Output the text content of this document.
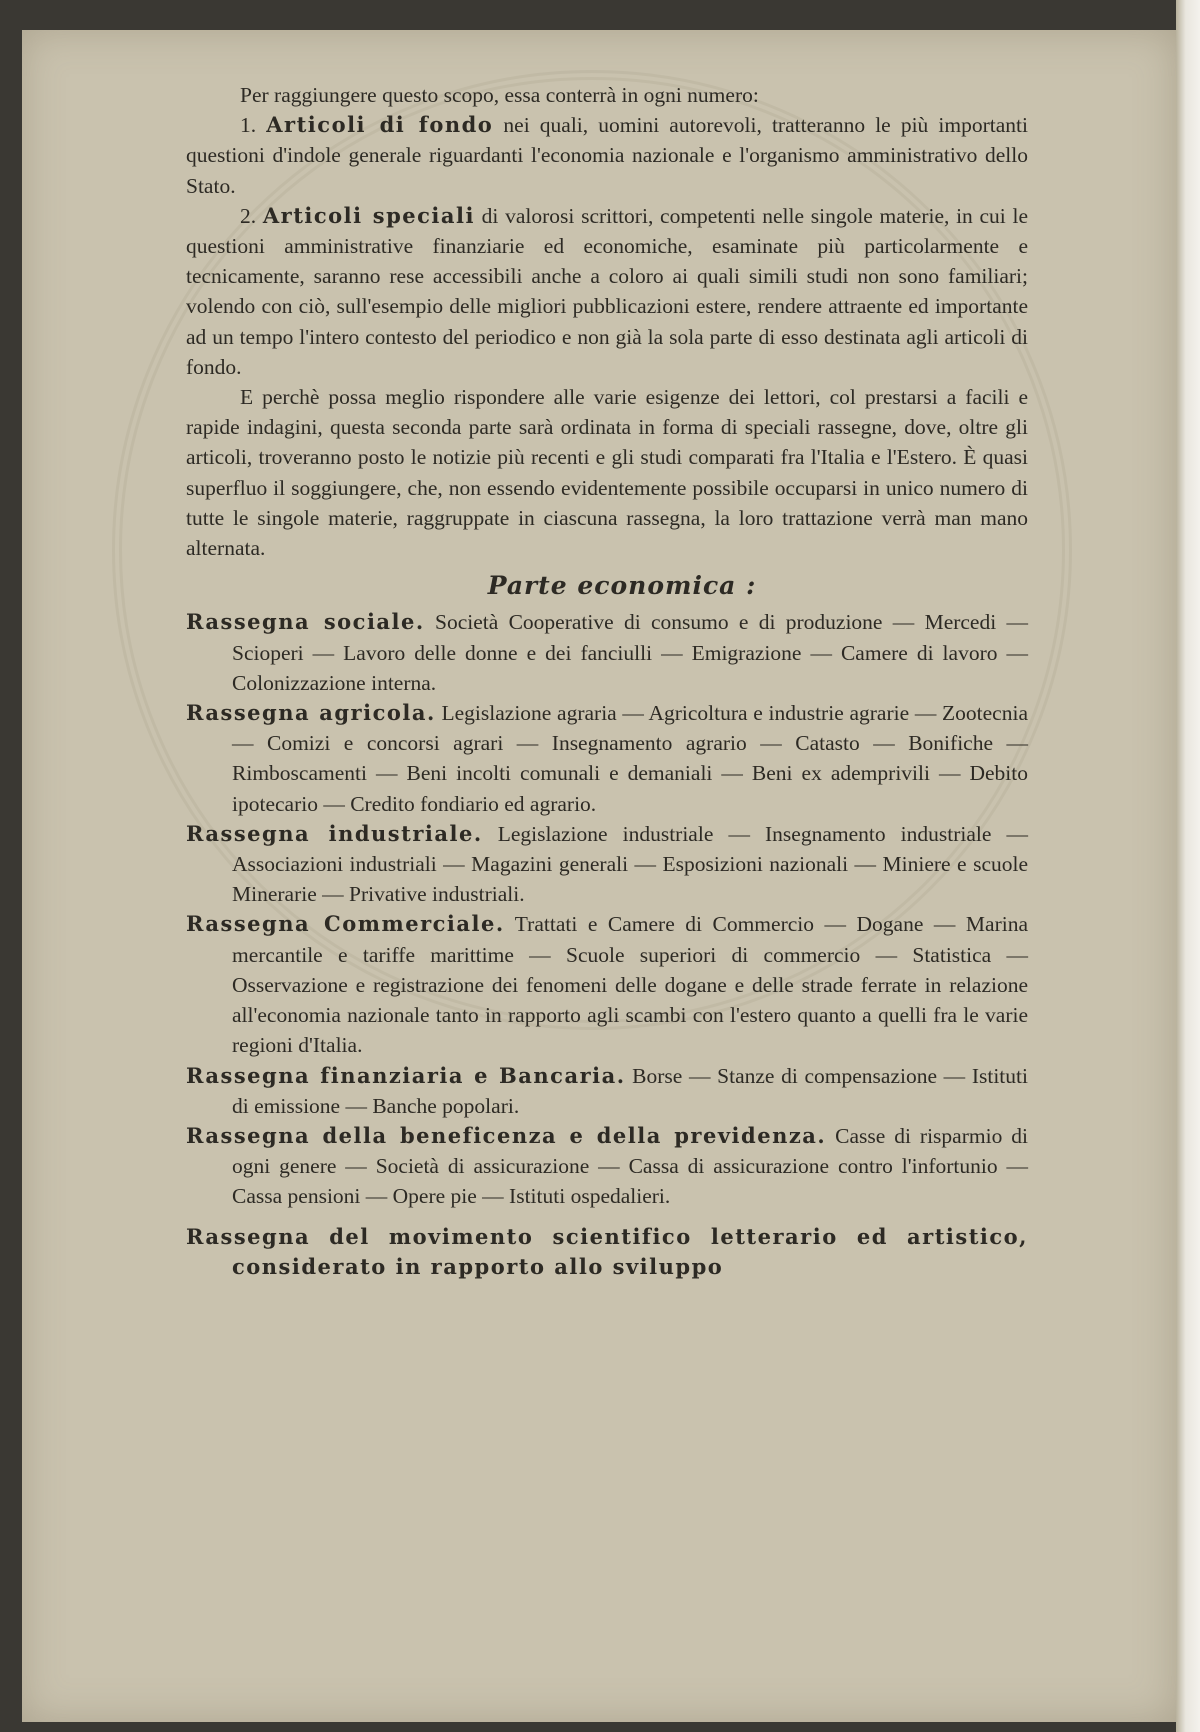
Per raggiungere questo scopo, essa conterrà in ogni numero:

1. Articoli di fondo nei quali, uomini autorevoli, tratteranno le più importanti questioni d'indole generale riguardanti l'economia nazionale e l'organismo amministrativo dello Stato.

2. Articoli speciali di valorosi scrittori, competenti nelle singole materie, in cui le questioni amministrative finanziarie ed economiche, esaminate più particolarmente e tecnicamente, saranno rese accessibili anche a coloro ai quali simili studi non sono familiari; volendo con ciò, sull'esempio delle migliori pubblicazioni estere, rendere attraente ed importante ad un tempo l'intero contesto del periodico e non già la sola parte di esso destinata agli articoli di fondo.

E perchè possa meglio rispondere alle varie esigenze dei lettori, col prestarsi a facili e rapide indagini, questa seconda parte sarà ordinata in forma di speciali rassegne, dove, oltre gli articoli, troveranno posto le notizie più recenti e gli studi comparati fra l'Italia e l'Estero. È quasi superfluo il soggiungere, che, non essendo evidentemente possibile occuparsi in unico numero di tutte le singole materie, raggruppate in ciascuna rassegna, la loro trattazione verrà man mano alternata.

Parte economica :

Rassegna sociale. Società Cooperative di consumo e di produzione — Mercedi — Scioperi — Lavoro delle donne e dei fanciulli — Emigrazione — Camere di lavoro — Colonizzazione interna.

Rassegna agricola. Legislazione agraria — Agricoltura e industrie agrarie — Zootecnia — Comizi e concorsi agrari — Insegnamento agrario — Catasto — Bonifiche — Rimboscamenti — Beni incolti comunali e demaniali — Beni ex ademprivili — Debito ipotecario — Credito fondiario ed agrario.

Rassegna industriale. Legislazione industriale — Insegnamento industriale — Associazioni industriali — Magazini generali — Esposizioni nazionali — Miniere e scuole Minerarie — Privative industriali.

Rassegna Commerciale. Trattati e Camere di Commercio — Dogane — Marina mercantile e tariffe marittime — Scuole superiori di commercio — Statistica — Osservazione e registrazione dei fenomeni delle dogane e delle strade ferrate in relazione all'economia nazionale tanto in rapporto agli scambi con l'estero quanto a quelli fra le varie regioni d'Italia.

Rassegna finanziaria e Bancaria. Borse — Stanze di compensazione — Istituti di emissione — Banche popolari.

Rassegna della beneficenza e della previdenza. Casse di risparmio di ogni genere — Società di assicurazione — Cassa di assicurazione contro l'infortunio — Cassa pensioni — Opere pie — Istituti ospedalieri.

Rassegna del movimento scientifico letterario ed artistico, considerato in rapporto allo sviluppo
